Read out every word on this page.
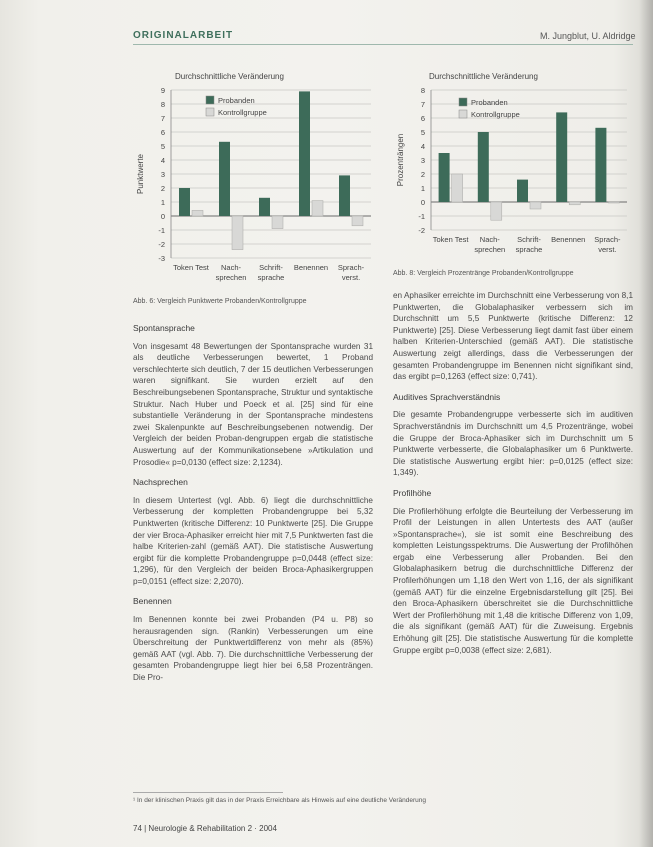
ORIGINALARBEIT	M. Jungblut, U. Aldridge
Durchschnittliche Veränderung
9
8
7
6
5
4
3
2
1
0
-1
-2
-3
Punktwerte
Token Test Nach-
sprechen
Schrift-
sprache
Benennen Sprach-
verst.
Probanden
Kontrollgruppe
Abb. 6: Vergleich Punktwerte Probanden/Kontrollgruppe
Durchschnittliche Veränderung
8
7
6
5
4
3
2
1
0
-1
-2
Prozenträngen
Token Test Nach-
sprechen
Schrift-
sprache
Benennen Sprach-
verst.
Probanden
Kontrollgruppe
Abb. 8: Vergleich Prozentränge Probanden/Kontrollgruppe
Spontansprache

Von insgesamt 48 Bewertungen der Spontansprache wurden 31 als deutliche Verbesserungen bewertet, 1 Proband verschlechterte sich deutlich, 7 der 15 deutlichen Verbesserungen waren signifikant. Sie wurden erzielt auf den Beschreibungsebenen Spontansprache, Struktur und syntaktische Struktur. Nach Huber und Poeck et al. [25] sind für eine substantielle Veränderung in der Spontansprache mindestens zwei Skalenpunkte auf Beschreibungsebenen notwendig. Der Vergleich der beiden Proban-dengruppen ergab die statistische Auswertung auf der Kommunikationsebene »Artikulation und Prosodie« p=0,0130 (effect size: 2,1234).

Nachsprechen

In diesem Untertest (vgl. Abb. 6) liegt die durchschnittliche Verbesserung der kompletten Probandengruppe bei 5,32 Punktwerten (kritische Differenz: 10 Punktwerte [25]. Die Gruppe der vier Broca-Aphasiker erreicht hier mit 7,5 Punktwerten fast die halbe Kriterien-zahl (gemäß AAT). Die statistische Auswertung ergibt für die komplette Probandengruppe p=0,0448 (effect size: 1,296), für den Vergleich der beiden Broca-Aphasikergruppen p=0,0151 (effect size: 2,2070).

Benennen

Im Benennen konnte bei zwei Probanden (P4 u. P8) so herausragenden sign. (Rankin) Verbesserungen um eine Überschreitung der Punktwertdifferenz von mehr als (85%) gemäß AAT (vgl. Abb. 7). Die durchschnittliche Verbesserung der gesamten Probandengruppe liegt hier bei 6,58 Prozenträngen. Die Pro-

en Aphasiker erreichte im Durchschnitt eine Verbesserung von 8,1 Punktwerten, die Globalaphasiker verbessern sich im Durchschnitt um 5,5 Punktwerte (kritische Differenz: 12 Punktwerte) [25]. Diese Verbesserung liegt damit fast über einem halben Kriterien-Unterschied (gemäß AAT). Die statistische Auswertung zeigt allerdings, dass die Verbesserungen der gesamten Probandengruppe im Benennen nicht signifikant sind, das ergibt p=0,1263 (effect size: 0,741).

Auditives Sprachverständnis

Die gesamte Probandengruppe verbesserte sich im auditiven Sprachverständnis im Durchschnitt um 4,5 Prozentränge, wobei die Gruppe der Broca-Aphasiker sich im Durchschnitt um 5 Punktwerte verbesserte, die Globalaphasiker um 6 Punktwerte. Die statistische Auswertung ergibt hier: p=0,0125 (effect size: 1,349).

Profilhöhe

Die Profilerhöhung erfolgte die Beurteilung der Verbesserung im Profil der Leistungen in allen Untertests des AAT (außer »Spontansprache«), sie ist somit eine Beschreibung des kompletten Leistungsspektrums. Die Auswertung der Profilhöhen ergab eine Verbesserung aller Probanden. Bei den Globalaphasikern betrug die durchschnittliche Differenz der Profilerhöhungen um 1,18 den Wert von 1,16, der als signifikant (gemäß AAT) für die einzelne Ergebnisdarstellung gilt [25]. Bei den Broca-Aphasikern überschreitet sie die Durchschnittliche Wert der Profilerhöhung mit 1,48 die kritische Differenz von 1,09, die als signifikant (gemäß AAT) für die Zuweisung. Ergebnis Erhöhung gilt [25]. Die statistische Auswertung für die komplette Gruppe ergibt p=0,0038 (effect size: 2,681).

¹ In der klinischen Praxis gilt das in der Praxis Erreichbare als Hinweis auf eine deutliche Veränderung
74 | Neurologie & Rehabilitation 2 · 2004
